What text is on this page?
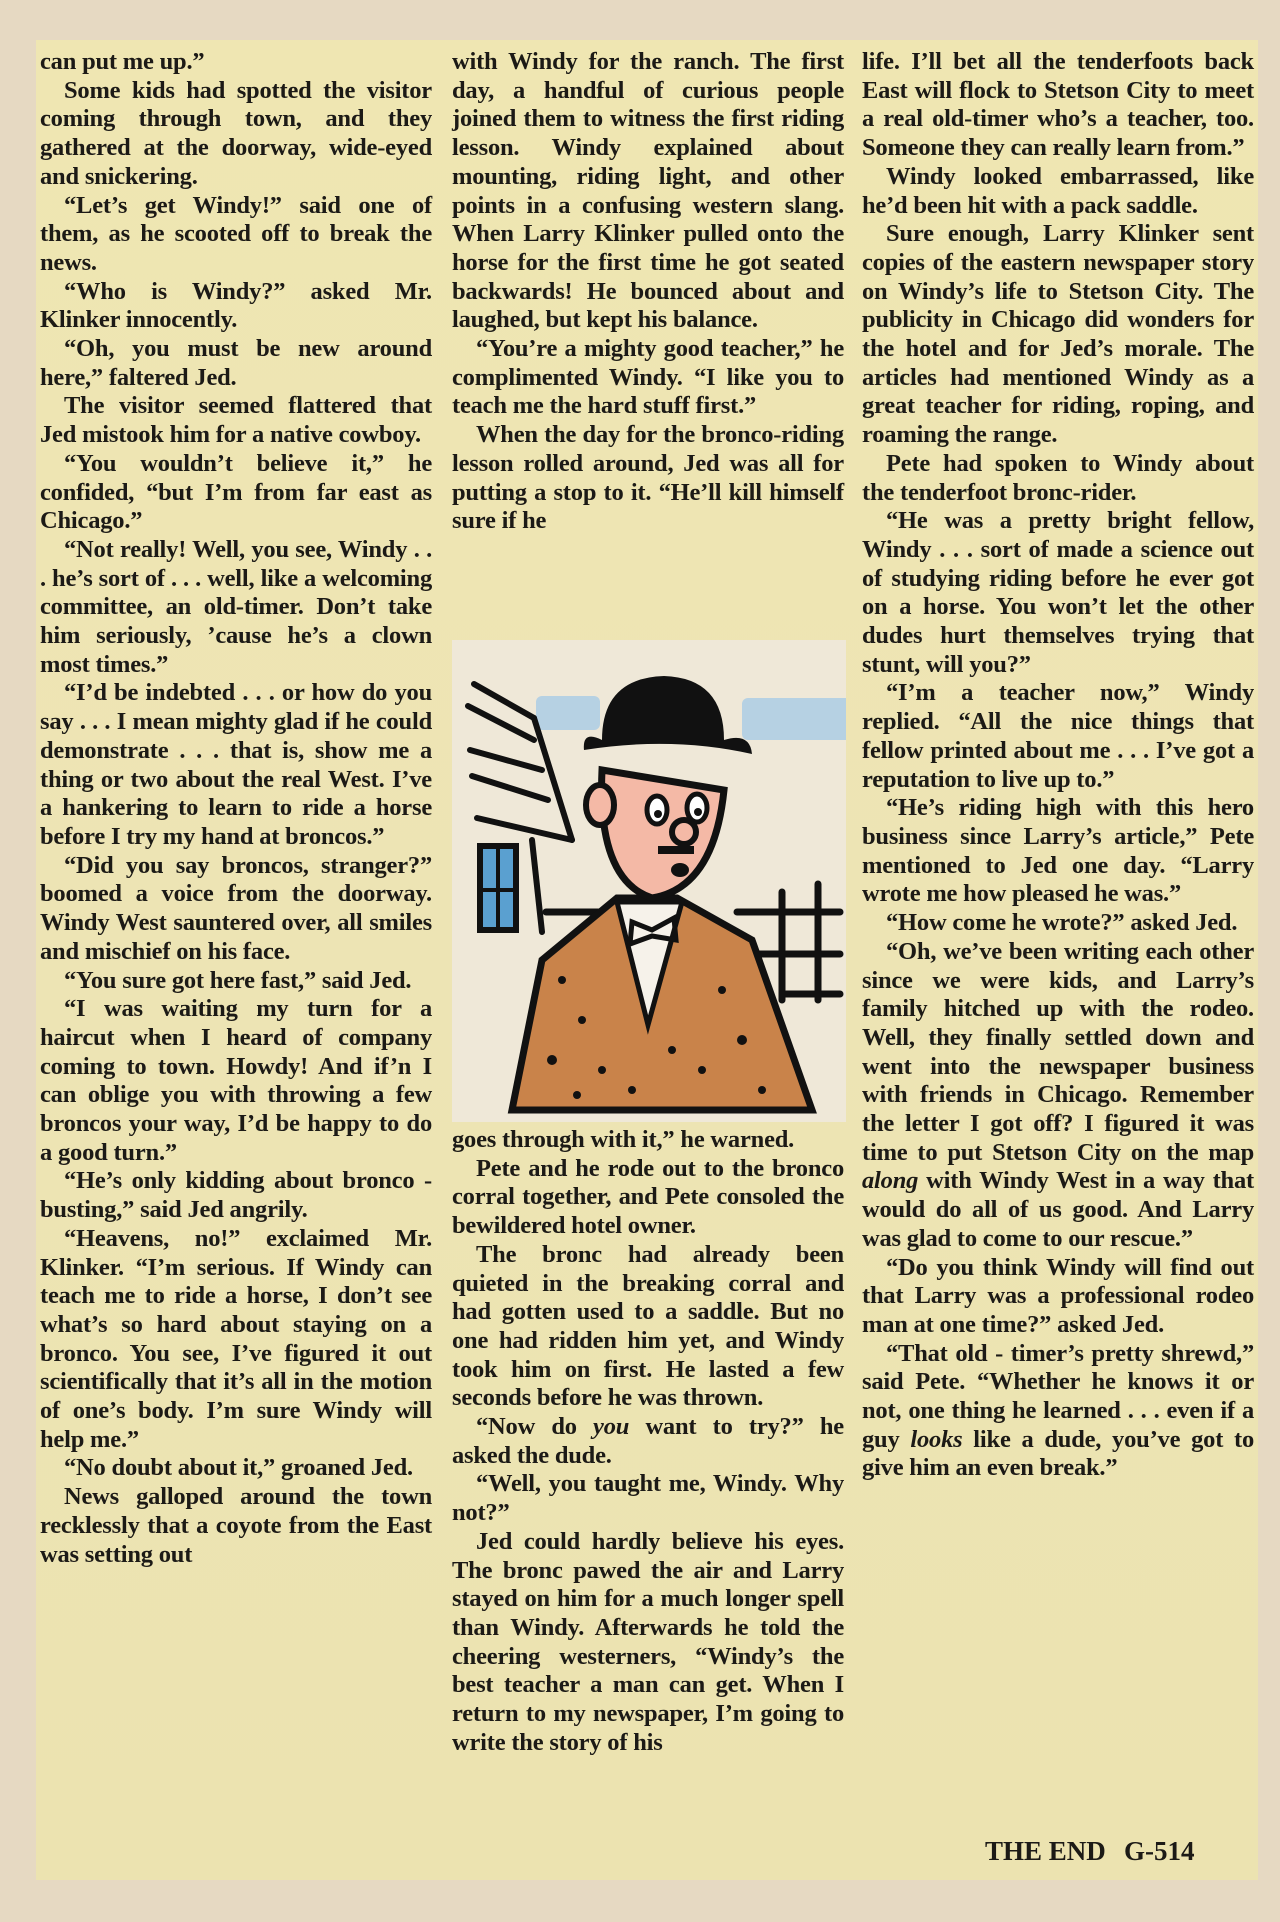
can put me up.”

Some kids had spotted the visitor coming through town, and they gathered at the doorway, wide-eyed and snickering.

“Let’s get Windy!” said one of them, as he scooted off to break the news.

“Who is Windy?” asked Mr. Klinker innocently.

“Oh, you must be new around here,” faltered Jed.

The visitor seemed flattered that Jed mistook him for a native cowboy.

“You wouldn’t believe it,” he confided, “but I’m from far east as Chicago.”

“Not really! Well, you see, Windy . . . he’s sort of . . . well, like a welcoming committee, an old-timer. Don’t take him seriously, ’cause he’s a clown most times.”

“I’d be indebted . . . or how do you say . . . I mean mighty glad if he could demonstrate . . . that is, show me a thing or two about the real West. I’ve a hankering to learn to ride a horse before I try my hand at broncos.”

“Did you say broncos, stranger?” boomed a voice from the doorway. Windy West sauntered over, all smiles and mischief on his face.

“You sure got here fast,” said Jed.

“I was waiting my turn for a haircut when I heard of company coming to town. Howdy! And if’n I can oblige you with throwing a few broncos your way, I’d be happy to do a good turn.”

“He’s only kidding about bronco - busting,” said Jed angrily.

“Heavens, no!” exclaimed Mr. Klinker. “I’m serious. If Windy can teach me to ride a horse, I don’t see what’s so hard about staying on a bronco. You see, I’ve figured it out scientifically that it’s all in the motion of one’s body. I’m sure Windy will help me.”

“No doubt about it,” groaned Jed.

News galloped around the town recklessly that a coyote from the East was setting out

with Windy for the ranch. The first day, a handful of curious people joined them to witness the first riding lesson. Windy explained about mounting, riding light, and other points in a confusing western slang. When Larry Klinker pulled onto the horse for the first time he got seated backwards! He bounced about and laughed, but kept his balance.

“You’re a mighty good teacher,” he complimented Windy. “I like you to teach me the hard stuff first.”

When the day for the bronco-riding lesson rolled around, Jed was all for putting a stop to it. “He’ll kill himself sure if he

goes through with it,” he warned.

Pete and he rode out to the bronco corral together, and Pete consoled the bewildered hotel owner.

The bronc had already been quieted in the breaking corral and had gotten used to a saddle. But no one had ridden him yet, and Windy took him on first. He lasted a few seconds before he was thrown.

“Now do you want to try?” he asked the dude.

“Well, you taught me, Windy. Why not?”

Jed could hardly believe his eyes. The bronc pawed the air and Larry stayed on him for a much longer spell than Windy. Afterwards he told the cheering westerners, “Windy’s the best teacher a man can get. When I return to my newspaper, I’m going to write the story of his

life. I’ll bet all the tenderfoots back East will flock to Stetson City to meet a real old-timer who’s a teacher, too. Someone they can really learn from.”

Windy looked embarrassed, like he’d been hit with a pack saddle.

Sure enough, Larry Klinker sent copies of the eastern newspaper story on Windy’s life to Stetson City. The publicity in Chicago did wonders for the hotel and for Jed’s morale. The articles had mentioned Windy as a great teacher for riding, roping, and roaming the range.

Pete had spoken to Windy about the tenderfoot bronc-rider.

“He was a pretty bright fellow, Windy . . . sort of made a science out of studying riding before he ever got on a horse. You won’t let the other dudes hurt themselves trying that stunt, will you?”

“I’m a teacher now,” Windy replied. “All the nice things that fellow printed about me . . . I’ve got a reputation to live up to.”

“He’s riding high with this hero business since Larry’s article,” Pete mentioned to Jed one day. “Larry wrote me how pleased he was.”

“How come he wrote?” asked Jed.

“Oh, we’ve been writing each other since we were kids, and Larry’s family hitched up with the rodeo. Well, they finally settled down and went into the newspaper business with friends in Chicago. Remember the letter I got off? I figured it was time to put Stetson City on the map along with Windy West in a way that would do all of us good. And Larry was glad to come to our rescue.”

“Do you think Windy will find out that Larry was a professional rodeo man at one time?” asked Jed.

“That old - timer’s pretty shrewd,” said Pete. “Whether he knows it or not, one thing he learned . . . even if a guy looks like a dude, you’ve got to give him an even break.”

THE END G-514
